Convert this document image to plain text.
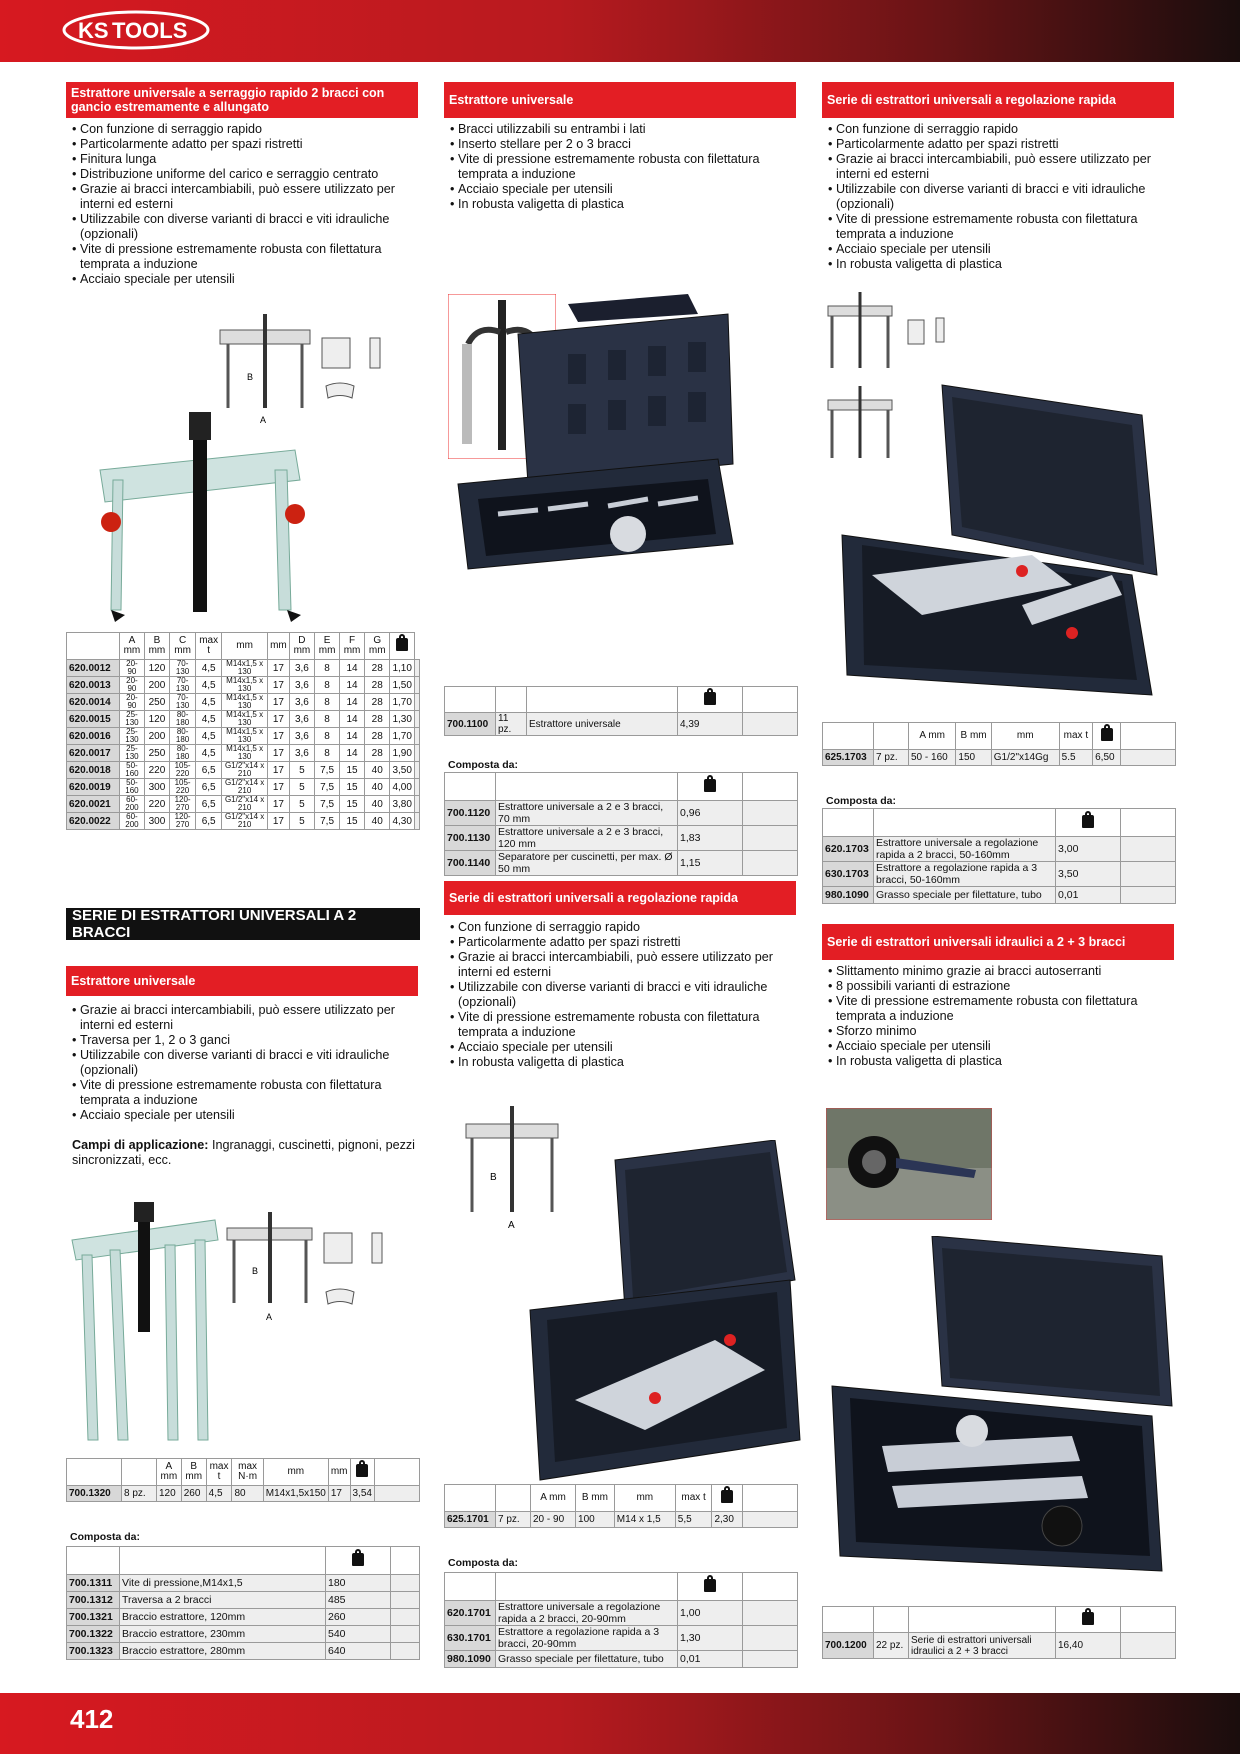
KS TOOLS
Estrattore universale a serraggio rapido 2 bracci con gancio estremamente e allungato
• Con funzione di serraggio rapido
• Particolarmente adatto per spazi ristretti
• Finitura lunga
• Distribuzione uniforme del carico e serraggio centrato
• Grazie ai bracci intercambiabili, può essere utilizzato per interni ed esterni
• Utilizzabile con diverse varianti di bracci e viti idrauliche (opzionali)
• Vite di pressione estremamente robusta con filettatura temprata a induzione
• Acciaio speciale per utensili
B
A
	A mm	B mm	C mm	max t	mm	mm	D mm	E mm	F mm	G mm		
620.0012	20-90	120	70-130	4,5	M14x1,5 x 130	17	3,6	8	14	28	1,10	
620.0013	20-90	200	70-130	4,5	M14x1,5 x 130	17	3,6	8	14	28	1,50	
620.0014	20-90	250	70-130	4,5	M14x1,5 x 130	17	3,6	8	14	28	1,70	
620.0015	25-130	120	80-180	4,5	M14x1,5 x 130	17	3,6	8	14	28	1,30	
620.0016	25-130	200	80-180	4,5	M14x1,5 x 130	17	3,6	8	14	28	1,70	
620.0017	25-130	250	80-180	4,5	M14x1,5 x 130	17	3,6	8	14	28	1,90	
620.0018	50-160	220	105-220	6,5	G1/2"x14 x 210	17	5	7,5	15	40	3,50	
620.0019	50-160	300	105-220	6,5	G1/2"x14 x 210	17	5	7,5	15	40	4,00	
620.0021	60-200	220	120-270	6,5	G1/2"x14 x 210	17	5	7,5	15	40	3,80	
620.0022	60-200	300	120-270	6,5	G1/2"x14 x 210	17	5	7,5	15	40	4,30	
SERIE DI ESTRATTORI UNIVERSALI A 2 BRACCI
Estrattore universale
• Grazie ai bracci intercambiabili, può essere utilizzato per interni ed esterni
• Traversa per 1, 2 o 3 ganci
• Utilizzabile con diverse varianti di bracci e viti idrauliche (opzionali)
• Vite di pressione estremamente robusta con filettatura temprata a induzione
• Acciaio speciale per utensili

Campi di applicazione: Ingranaggi, cuscinetti, pignoni, pezzi sincronizzati, ecc.

B
A
		A mm	B mm	max t	max N·m	mm	mm		
700.1320	8 pz.	120	260	4,5	80	M14x1,5x150	17	3,54	

Composta da:

700.1311	Vite di pressione,M14x1,5	180	
700.1312	Traversa a 2 bracci	485	
700.1321	Braccio estrattore, 120mm	260	
700.1322	Braccio estrattore, 230mm	540	
700.1323	Braccio estrattore, 280mm	640	
Estrattore universale
• Bracci utilizzabili su entrambi i lati
• Inserto stellare per 2 o 3 bracci
• Vite di pressione estremamente robusta con filettatura temprata a induzione
• Acciaio speciale per utensili
• In robusta valigetta di plastica

700.1100	11 pz.	Estrattore universale	4,39	

Composta da:

700.1120	Estrattore universale a 2 e 3 bracci, 70 mm	0,96	
700.1130	Estrattore universale a 2 e 3 bracci, 120 mm	1,83	
700.1140	Separatore per cuscinetti, per max. Ø 50 mm	1,15	
Serie di estrattori universali a regolazione rapida
• Con funzione di serraggio rapido
• Particolarmente adatto per spazi ristretti
• Grazie ai bracci intercambiabili, può essere utilizzato per interni ed esterni
• Utilizzabile con diverse varianti di bracci e viti idrauliche (opzionali)
• Vite di pressione estremamente robusta con filettatura temprata a induzione
• Acciaio speciale per utensili
• In robusta valigetta di plastica
B
A
		A mm	B mm	mm	max t		
625.1701	7 pz.	20 - 90	100	M14 x 1,5	5,5	2,30	

Composta da:

620.1701	Estrattore universale a regolazione rapida a 2 bracci, 20-90mm	1,00	
630.1701	Estrattore a regolazione rapida a 3 bracci, 20-90mm	1,30	
980.1090	Grasso speciale per filettature, tubo	0,01	
Serie di estrattori universali a regolazione rapida
• Con funzione di serraggio rapido
• Particolarmente adatto per spazi ristretti
• Grazie ai bracci intercambiabili, può essere utilizzato per interni ed esterni
• Utilizzabile con diverse varianti di bracci e viti idrauliche (opzionali)
• Vite di pressione estremamente robusta con filettatura temprata a induzione
• Acciaio speciale per utensili
• In robusta valigetta di plastica
		A mm	B mm	mm	max t		
625.1703	7 pz.	50 - 160	150	G1/2"x14Gg	5.5	6,50	

Composta da:

620.1703	Estrattore universale a regolazione rapida a 2 bracci, 50-160mm	3,00	
630.1703	Estrattore a regolazione rapida a 3 bracci, 50-160mm	3,50	
980.1090	Grasso speciale per filettature, tubo	0,01	
Serie di estrattori universali idraulici a 2 + 3 bracci
• Slittamento minimo grazie ai bracci autoserranti
• 8 possibili varianti di estrazione
• Vite di pressione estremamente robusta con filettatura temprata a induzione
• Sforzo minimo
• Acciaio speciale per utensili
• In robusta valigetta di plastica

700.1200	22 pz.	Serie di estrattori universali idraulici a 2 + 3 bracci	16,40	
412
